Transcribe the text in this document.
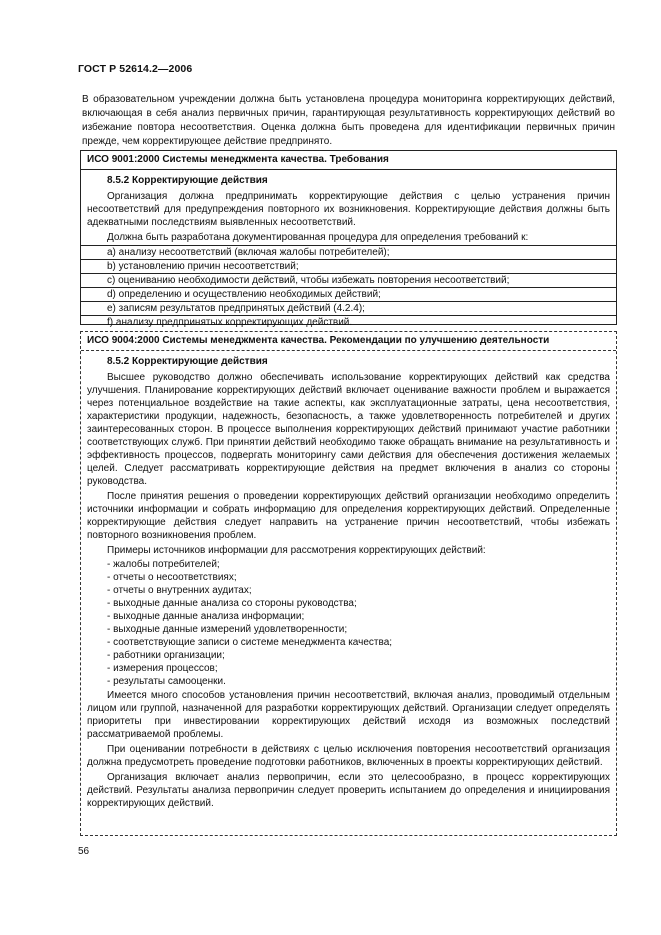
ГОСТ Р 52614.2—2006

В образовательном учреждении должна быть установлена процедура мониторинга корректирующих действий, включающая в себя анализ первичных причин, гарантирующая результативность корректирующих действий во избежание повтора несоответствия. Оценка должна быть проведена для идентификации первичных причин прежде, чем корректирующее действие предпринято.

ИСО 9001:2000 Системы менеджмента качества. Требования

8.5.2 Корректирующие действия

Организация должна предпринимать корректирующие действия с целью устранения причин несоответствий для предупреждения повторного их возникновения. Корректирующие действия должны быть адекватными последствиям выявленных несоответствий.

Должна быть разработана документированная процедура для определения требований к:

a) анализу несоответствий (включая жалобы потребителей);
b) установлению причин несоответствий;
c) оцениванию необходимости действий, чтобы избежать повторения несоответствий;
d) определению и осуществлению необходимых действий;
e) записям результатов предпринятых действий (4.2.4);
f) анализу предпринятых корректирующих действий.

ИСО 9004:2000 Системы менеджмента качества. Рекомендации по улучшению деятельности

8.5.2 Корректирующие действия

Высшее руководство должно обеспечивать использование корректирующих действий как средства улучшения. Планирование корректирующих действий включает оценивание важности проблем и выражается через потенциальное воздействие на такие аспекты, как эксплуатационные затраты, цена несоответствия, характеристики продукции, надежность, безопасность, а также удовлетворенность потребителей и других заинтересованных сторон. В процессе выполнения корректирующих действий принимают участие работники соответствующих служб. При принятии действий необходимо также обращать внимание на результативность и эффективность процессов, подвергать мониторингу сами действия для обеспечения достижения желаемых целей. Следует рассматривать корректирующие действия на предмет включения в анализ со стороны руководства.

После принятия решения о проведении корректирующих действий организации необходимо определить источники информации и собрать информацию для определения корректирующих действий. Определенные корректирующие действия следует направить на устранение причин несоответствий, чтобы избежать повторного возникновения проблем.

Примеры источников информации для рассмотрения корректирующих действий:

- жалобы потребителей;
- отчеты о несоответствиях;
- отчеты о внутренних аудитах;
- выходные данные анализа со стороны руководства;
- выходные данные анализа информации;
- выходные данные измерений удовлетворенности;
- соответствующие записи о системе менеджмента качества;
- работники организации;
- измерения процессов;
- результаты самооценки.

Имеется много способов установления причин несоответствий, включая анализ, проводимый отдельным лицом или группой, назначенной для разработки корректирующих действий. Организации следует определять приоритеты при инвестировании корректирующих действий исходя из возможных последствий рассматриваемой проблемы.

При оценивании потребности в действиях с целью исключения повторения несоответствий организация должна предусмотреть проведение подготовки работников, включенных в проекты корректирующих действий.

Организация включает анализ первопричин, если это целесообразно, в процесс корректирующих действий. Результаты анализа первопричин следует проверить испытанием до определения и инициирования корректирующих действий.

56
